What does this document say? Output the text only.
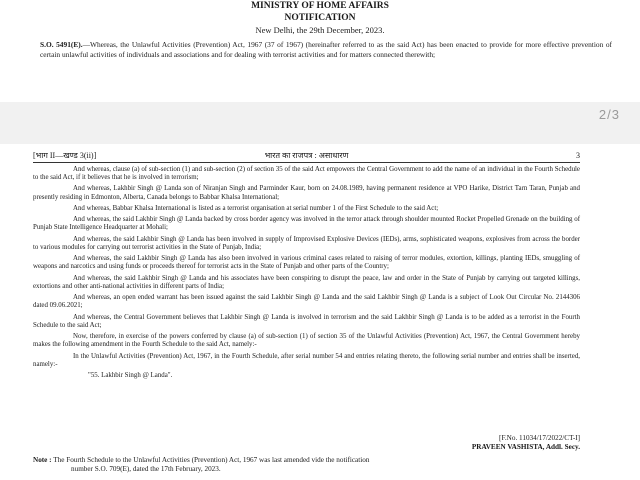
MINISTRY OF HOME AFFAIRS
NOTIFICATION
New Delhi, the 29th December, 2023.
S.O. 5491(E).—Whereas, the Unlawful Activities (Prevention) Act, 1967 (37 of 1967) (hereinafter referred to as the said Act) has been enacted to provide for more effective prevention of certain unlawful activities of individuals and associations and for dealing with terrorist activities and for matters connected therewith;
2/3
[भाग II—खण्ड 3(ii)]	भारत का राजपत्र : असाधारण	3

And whereas, clause (a) of sub-section (1) and sub-section (2) of section 35 of the said Act empowers the Central Government to add the name of an individual in the Fourth Schedule to the said Act, if it believes that he is involved in terrorism;

And whereas, Lakhbir Singh @ Landa son of Niranjan Singh and Parminder Kaur, born on 24.08.1989, having permanent residence at VPO Harike, District Tarn Taran, Punjab and presently residing in Edmonton, Alberta, Canada belongs to Babbar Khalsa International;

And whereas, Babbar Khalsa International is listed as a terrorist organisation at serial number 1 of the First Schedule to the said Act;

And whereas, the said Lakhbir Singh @ Landa backed by cross border agency was involved in the terror attack through shoulder mounted Rocket Propelled Grenade on the building of Punjab State Intelligence Headquarter at Mohali;

And whereas, the said Lakhbir Singh @ Landa has been involved in supply of Improvised Explosive Devices (IEDs), arms, sophisticated weapons, explosives from across the border to various modules for carrying out terrorist activities in the State of Punjab, India;

And whereas, the said Lakhbir Singh @ Landa has also been involved in various criminal cases related to raising of terror modules, extortion, killings, planting IEDs, smuggling of weapons and narcotics and using funds or proceeds thereof for terrorist acts in the State of Punjab and other parts of the Country;

And whereas, the said Lakhbir Singh @ Landa and his associates have been conspiring to disrupt the peace, law and order in the State of Punjab by carrying out targeted killings, extortions and other anti-national activities in different parts of India;

And whereas, an open ended warrant has been issued against the said Lakhbir Singh @ Landa and the said Lakhbir Singh @ Landa is a subject of Look Out Circular No. 2144306 dated 09.06.2021;

And whereas, the Central Government believes that Lakhbir Singh @ Landa is involved in terrorism and the said Lakhbir Singh @ Landa is to be added as a terrorist in the Fourth Schedule to the said Act;

Now, therefore, in exercise of the powers conferred by clause (a) of sub-section (1) of section 35 of the Unlawful Activities (Prevention) Act, 1967, the Central Government hereby makes the following amendment in the Fourth Schedule to the said Act, namely:-

In the Unlawful Activities (Prevention) Act, 1967, in the Fourth Schedule, after serial number 54 and entries relating thereto, the following serial number and entries shall be inserted, namely:-

"55. Lakhbir Singh @ Landa".

[F.No. 11034/17/2022/CT-I]
PRAVEEN VASHISTA, Addl. Secy.
Note : The Fourth Schedule to the Unlawful Activities (Prevention) Act, 1967 was last amended vide the notification
number S.O. 709(E), dated the 17th February, 2023.
